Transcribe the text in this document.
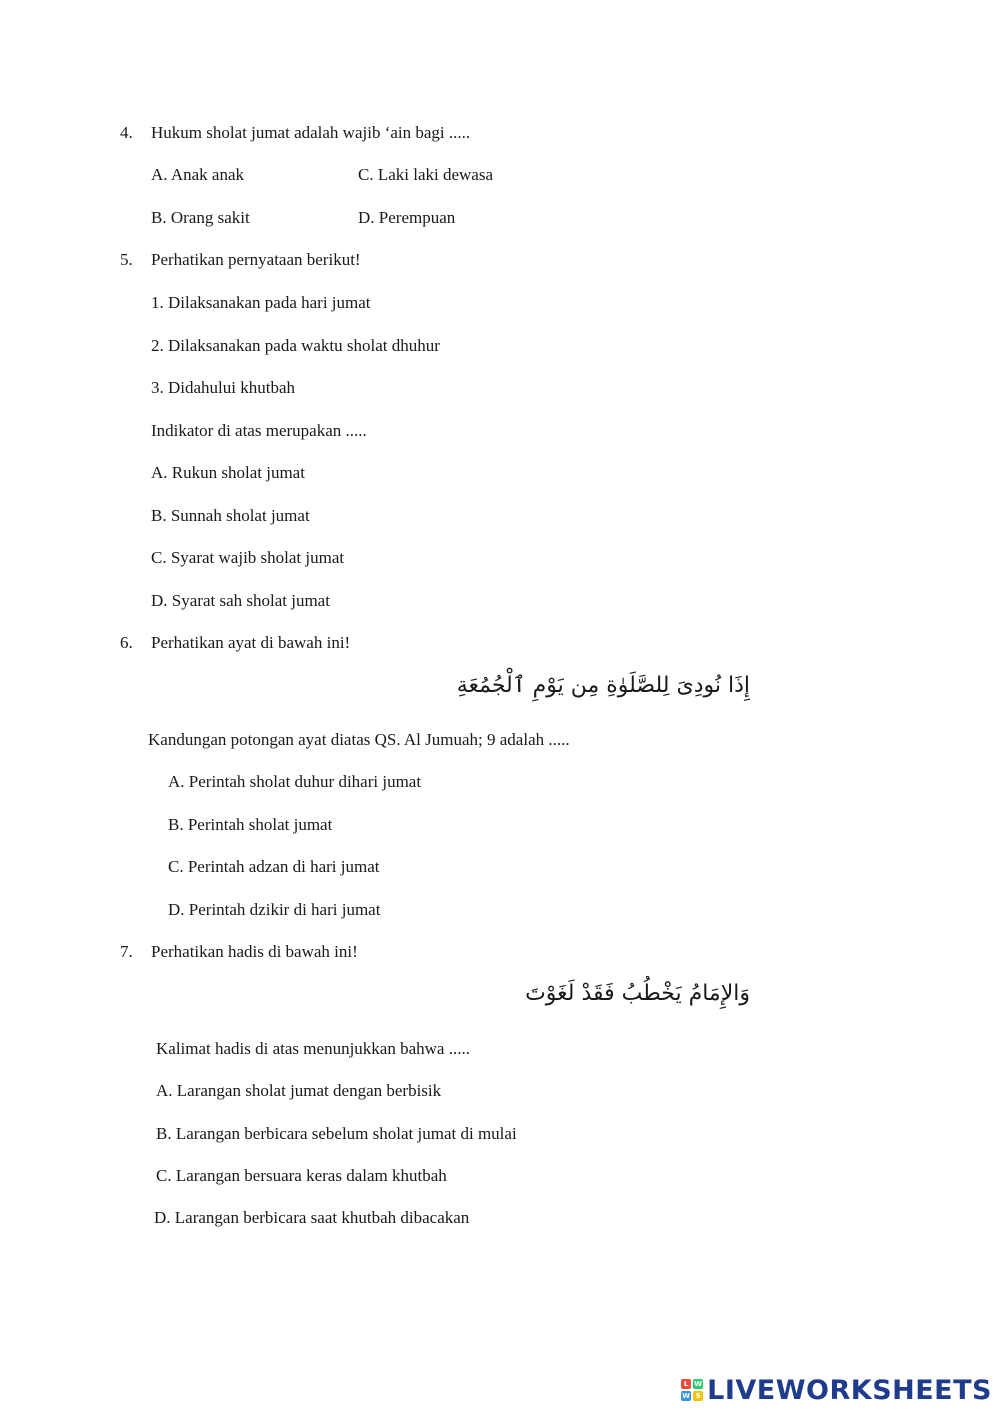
4. Hukum sholat jumat adalah wajib ‘ain bagi .....
A. Anak anak	C. Laki laki dewasa
B. Orang sakit	D. Perempuan
5. Perhatikan pernyataan berikut!
1. Dilaksanakan pada hari jumat
2. Dilaksanakan pada waktu sholat dhuhur
3. Didahului khutbah
Indikator di atas merupakan .....
A. Rukun sholat jumat
B. Sunnah sholat jumat
C. Syarat wajib sholat jumat
D. Syarat sah sholat jumat
6. Perhatikan ayat di bawah ini!
إِذَا نُودِىَ لِلصَّلَوٰةِ مِن يَوْمِ ٱلْجُمُعَةِ
Kandungan potongan ayat diatas QS. Al Jumuah; 9 adalah .....
A. Perintah sholat duhur dihari jumat
B. Perintah sholat jumat
C. Perintah adzan di hari jumat
D. Perintah dzikir di hari jumat
7. Perhatikan hadis di bawah ini!
وَالإِمَامُ يَخْطُبُ فَقَدْ لَغَوْتَ
Kalimat hadis di atas menunjukkan bahwa .....
A. Larangan sholat jumat dengan berbisik
B. Larangan berbicara sebelum sholat jumat di mulai
C. Larangan bersuara keras dalam khutbah
D. Larangan berbicara saat khutbah dibacakan
L W
W S LIVEWORKSHEETS
